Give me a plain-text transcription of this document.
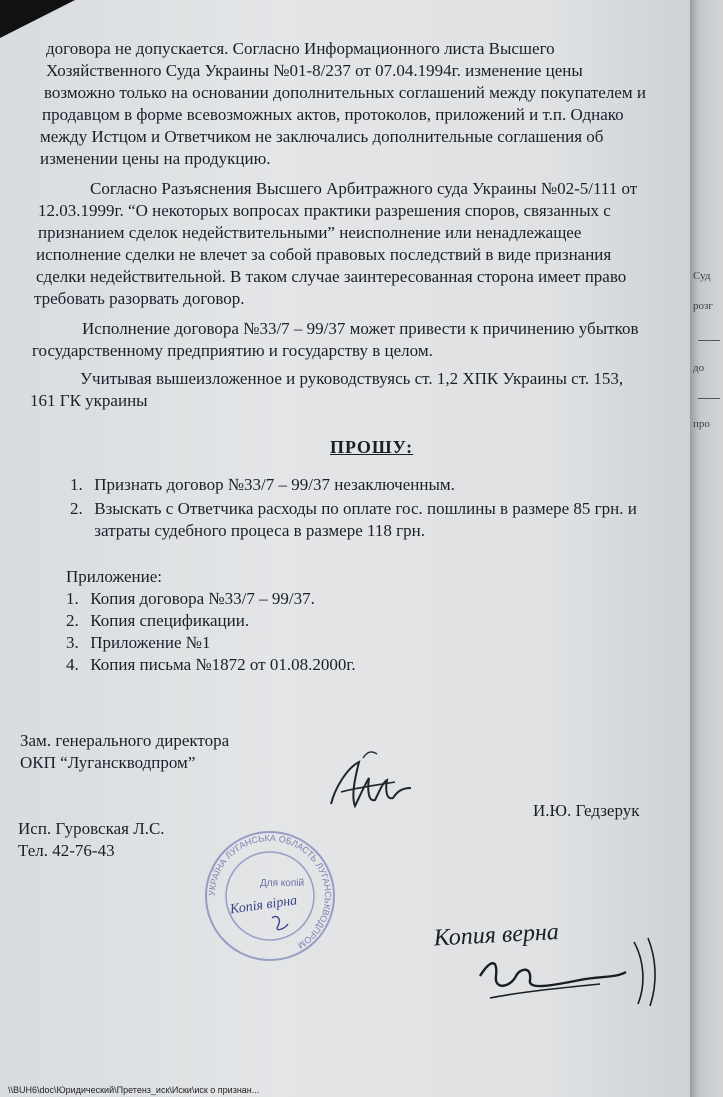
договора не допускается. Согласно Информационного листа Высшего
Хозяйственного Суда Украины №01-8/237 от 07.04.1994г. изменение цены
возможно только на основании дополнительных соглашений между покупателем и
продавцом в форме всевозможных актов, протоколов, приложений и т.п. Однако
между Истцом и Ответчиком не заключались дополнительные соглашения об
изменении цены на продукцию.
Согласно Разъяснения Высшего Арбитражного суда Украины №02-5/111 от
12.03.1999г. “О некоторых вопросах практики разрешения споров, связанных с
признанием сделок недействительными” неисполнение или ненадлежащее
исполнение сделки не влечет за собой правовых последствий в виде признания
сделки недействительной. В таком случае заинтересованная сторона имеет право
требовать разорвать договор.
Исполнение договора №33/7 – 99/37 может привести к причинению убытков
государственному предприятию и государству в целом.
Учитывая вышеизложенное и руководствуясь ст. 1,2 ХПК Украины ст. 153,
161 ГК украины
ПРОШУ:
1. Признать договор №33/7 – 99/37 незаключенным.
2. Взыскать с Ответчика расходы по оплате гос. пошлины в размере 85 грн. и
затраты судебного процеса в размере 118 грн.
Приложение:
1. Копия договора №33/7 – 99/37.
2. Копия спецификации.
3. Приложение №1
4. Копия письма №1872 от 01.08.2000г.
Зам. генерального директора
ОКП “Луганскводпром”
И.Ю. Гедзерук
Исп. Гуровская Л.С.
Тел. 42-76-43
УКРАЇНА ЛУГАНСЬКА ОБЛАСТЬ ЛУГАНСЬКВОДПРОМ
Для копій
Копія вірна
Копия верна
\\BUH6\doc\Юридический\Претенз_иск\Иски\иск о признан...
Суд
розг
до
про
